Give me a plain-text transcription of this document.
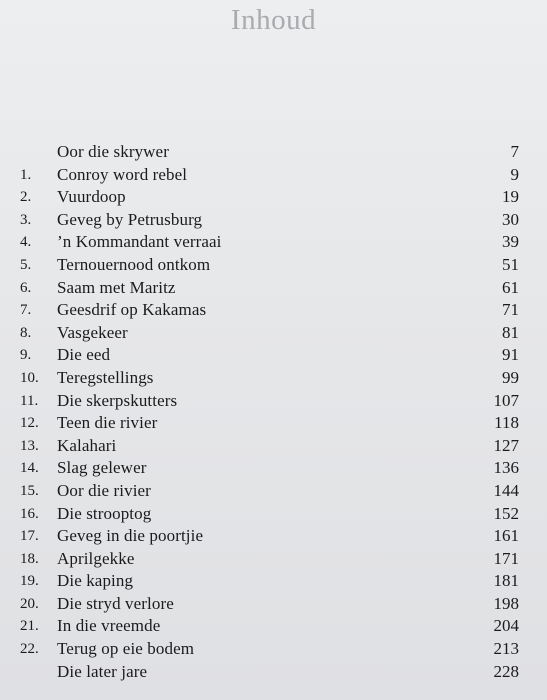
Inhoud
Oor die skrywer	7
1.	Conroy word rebel	9
2.	Vuurdoop	19
3.	Geveg by Petrusburg	30
4.	’n Kommandant verraai	39
5.	Ternouernood ontkom	51
6.	Saam met Maritz	61
7.	Geesdrif op Kakamas	71
8.	Vasgekeer	81
9.	Die eed	91
10.	Teregstellings	99
11.	Die skerpskutters	107
12.	Teen die rivier	118
13.	Kalahari	127
14.	Slag gelewer	136
15.	Oor die rivier	144
16.	Die strooptog	152
17.	Geveg in die poortjie	161
18.	Aprilgekke	171
19.	Die kaping	181
20.	Die stryd verlore	198
21.	In die vreemde	204
22.	Terug op eie bodem	213
Die later jare	228
